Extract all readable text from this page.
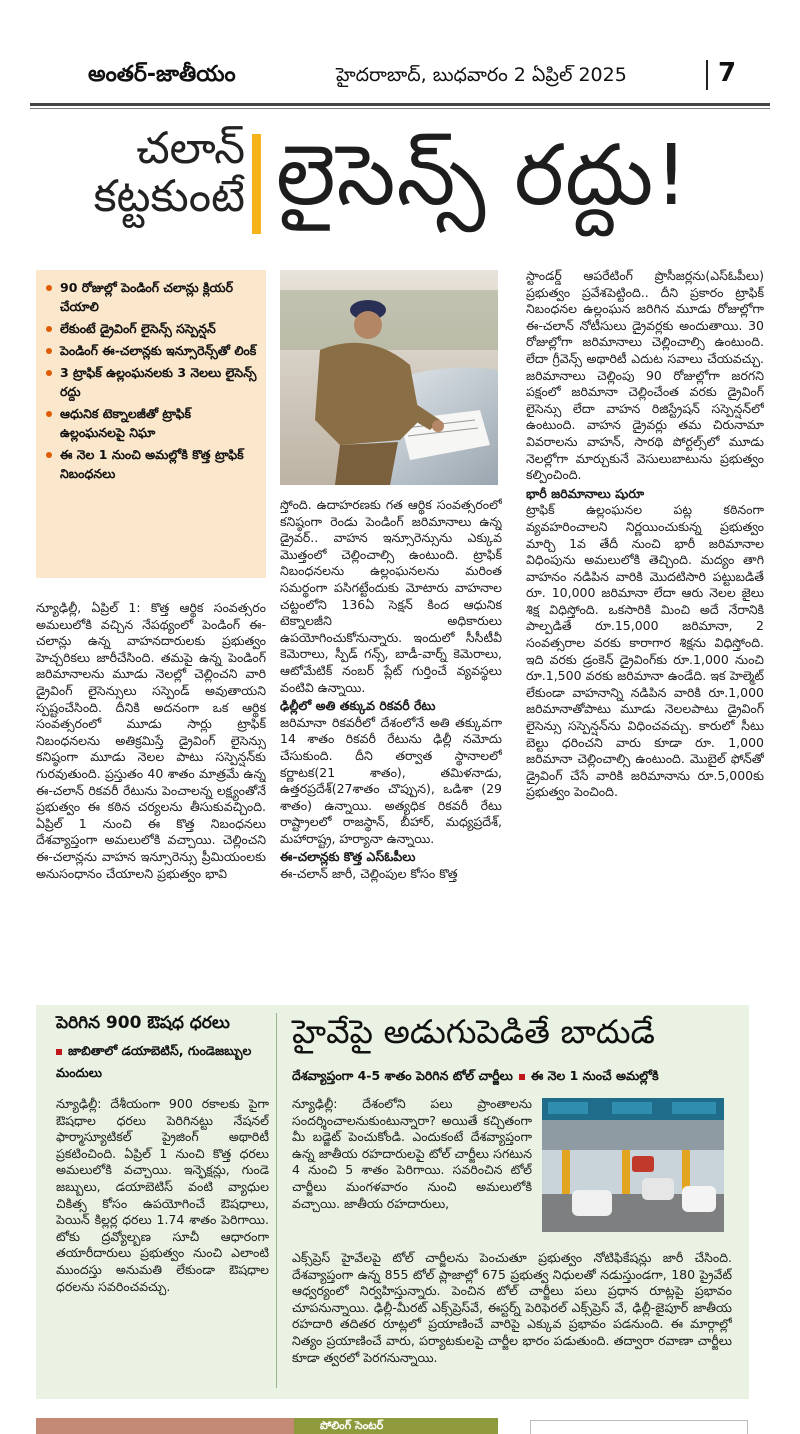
అంతర్‌-జాతీయం	హైదరాబాద్‌, బుధవారం 2 ఏప్రిల్‌ 2025	7
చలాన్‌ కట్టకుంటే లైసెన్స్‌ రద్దు!
90 రోజుల్లో పెండింగ్‌ చలాన్లు క్లియర్‌ చేయాలి
లేకుంటే డ్రైవింగ్‌ లైసెన్స్‌ సస్పెన్షన్‌
పెండింగ్‌ ఈ-చలాన్లకు ఇన్సూరెన్స్‌తో లింక్‌
3 ట్రాఫిక్‌ ఉల్లంఘనలకు 3 నెలలు లైసెన్స్‌ రద్దు
ఆధునిక టెక్నాలజీతో ట్రాఫిక్‌ ఉల్లంఘనలపై నిఘా
ఈ నెల 1 నుంచి అమల్లోకి కొత్త ట్రాఫిక్‌ నిబంధనలు
న్యూఢిల్లీ, ఏప్రిల్‌ 1: కొత్త ఆర్థిక సంవత్సరం అమలులోకి వచ్చిన నేపథ్యంలో పెండింగ్‌ ఈ-చలాన్లు ఉన్న వాహనదారులకు ప్రభుత్వం హెచ్చరికలు జారీచేసింది. తమపై ఉన్న పెండింగ్‌ జరిమానాలను మూడు నెలల్లో చెల్లించని వారి డ్రైవింగ్‌ లైసెన్సులు సస్పెండ్‌ అవుతాయని స్పష్టంచేసింది. దీనికి అదనంగా ఒక ఆర్థిక సంవత్సరంలో మూడు సార్లు ట్రాఫిక్‌ నిబంధనలను అతిక్రమిస్తే డ్రైవింగ్‌ లైసెన్సు కనిష్ఠంగా మూడు నెలల పాటు సస్పెన్షన్‌కు గురవుతుంది. ప్రస్తుతం 40 శాతం మాత్రమే ఉన్న ఈ-చలాన్‌ రికవరీ రేటును పెంచాలన్న లక్ష్యంతోనే ప్రభుత్వం ఈ కఠిన చర్యలను తీసుకువచ్చింది. ఏప్రిల్‌ 1 నుంచి ఈ కొత్త నిబంధనలు దేశవ్యాప్తంగా అమలులోకి వచ్చాయి. చెల్లించని ఈ-చలాన్లను వాహన ఇన్సూరెన్సు ప్రీమియంలకు అనుసంధానం చేయాలని ప్రభుత్వం భావి
స్తోంది. ఉదాహరణకు గత ఆర్థిక సంవత్సరంలో కనిష్ఠంగా రెండు పెండింగ్‌ జరిమానాలు ఉన్న డ్రైవర్‌.. వాహన ఇన్సూరెన్సును ఎక్కువ మొత్తంలో చెల్లించాల్సి ఉంటుంది. ట్రాఫిక్‌ నిబంధనలను ఉల్లంఘనలను మరింత సమర్థంగా పసిగట్టేందుకు మోటారు వాహనాల చట్టంలోని 136ఏ సెక్షన్‌ కింద ఆధునిక టెక్నాలజీని అధికారులు ఉపయోగించుకోనున్నారు. ఇందులో సీసీటీవీ కెమెరాలు, స్పీడ్‌ గన్స్‌, బాడీ-వార్న్‌ కెమెరాలు, ఆటోమేటిక్‌ నంబర్‌ ప్లేట్‌ గుర్తించే వ్యవస్థలు వంటివి ఉన్నాయి.
ఢిల్లీలో అతి తక్కువ రికవరీ రేటు
జరిమానా రికవరీలో దేశంలోనే అతి తక్కువగా 14 శాతం రికవరీ రేటును ఢిల్లీ నమోదు చేసుకుంది. దీని తర్వాత స్థానాలలో కర్ణాటక(21 శాతం), తమిళనాడు, ఉత్తరప్రదేశ్‌(27శాతం చొప్పున), ఒడిశా (29 శాతం) ఉన్నాయి. అత్యధిక రికవరీ రేటు రాష్ట్రాలలో రాజస్థాన్‌, బీహార్‌, మధ్యప్రదేశ్‌, మహారాష్ట్ర, హర్యానా ఉన్నాయి.
ఈ-చలాన్లకు కొత్త ఎస్‌ఓపీలు
ఈ-చలాన్‌ జారీ, చెల్లింపుల కోసం కొత్త
స్టాండర్డ్‌ ఆపరేటింగ్‌ ప్రొసీజర్లను(ఎస్‌ఓపీలు) ప్రభుత్వం ప్రవేశపెట్టింది.. దీని ప్రకారం ట్రాఫిక్‌ నిబంధనల ఉల్లంఘన జరిగిన మూడు రోజుల్లోగా ఈ-చలాన్‌ నోటీసులు డ్రైవర్లకు అందుతాయి. 30 రోజుల్లోగా జరిమానాలు చెల్లించాల్సి ఉంటుంది. లేదా గ్రీవెన్స్‌ అథారిటీ ఎదుట సవాలు చేయవచ్చు. జరిమానాలు చెల్లింపు 90 రోజుల్లోగా జరగని పక్షంలో జరిమానా చెల్లించేంత వరకు డ్రైవింగ్‌ లైసెన్సు లేదా వాహన రిజిస్ట్రేషన్‌ సస్పెన్షన్‌లో ఉంటుంది. వాహన డ్రైవర్లు తమ చిరునామా వివరాలను వాహన్‌, సారథి పోర్టల్స్‌లో మూడు నెలల్లోగా మార్చుకునే వెసులుబాటును ప్రభుత్వం కల్పించింది.
భారీ జరిమానాలు షురూ
ట్రాఫిక్‌ ఉల్లంఘనల పట్ల కఠినంగా వ్యవహరించాలని నిర్ణయించుకున్న ప్రభుత్వం మార్చి 1వ తేదీ నుంచి భారీ జరిమానాల విధింపును అమలులోకి తెచ్చింది. మద్యం తాగి వాహనం నడిపిన వారికి మొదటిసారి పట్టుబడితే రూ. 10,000 జరిమానా లేదా ఆరు నెలల జైలు శిక్ష విధిస్తోంది. ఒకసారికి మించి అదే నేరానికి పాల్పడితే రూ.15,000 జరిమానా, 2 సంవత్సరాల వరకు కారాగార శిక్షను విధిస్తోంది. ఇది వరకు డ్రంకెన్‌ డ్రైవింగ్‌కు రూ.1,000 నుంచి రూ.1,500 వరకు జరిమానా ఉండేది. ఇక హెల్మెట్‌ లేకుండా వాహనాన్ని నడిపిన వారికి రూ.1,000 జరిమానాతోపాటు మూడు నెలలపాటు డ్రైవింగ్‌ లైసెన్సు సస్పెన్షన్‌ను విధించవచ్చు. కారులో సీటు బెల్టు ధరించని వారు కూడా రూ. 1,000 జరిమానా చెల్లించాల్సి ఉంటుంది. మొబైల్‌ ఫోన్‌తో డ్రైవింగ్‌ చేసే వారికి జరిమానాను రూ.5,000కు ప్రభుత్వం పెంచింది.
పెరిగిన 900 ఔషధ ధరలు
జాబితాలో డయాబెటిస్‌, గుండెజబ్బుల మందులు
న్యూఢిల్లీ: దేశీయంగా 900 రకాలకు పైగా ఔషధాల ధరలు పెరిగినట్టు నేషనల్‌ ఫార్మాస్యూటికల్‌ ప్రైజింగ్‌ అథారిటీ ప్రకటించింది. ఏప్రిల్‌ 1 నుంచి కొత్త ధరలు అమలులోకి వచ్చాయి. ఇన్ఫెక్షన్లు, గుండె జబ్బులు, డయాబెటిస్‌ వంటి వ్యాధుల చికిత్స కోసం ఉపయోగించే ఔషధాలు, పెయిన్‌ కిల్లర్ల ధరలు 1.74 శాతం పెరిగాయి. టోకు ద్రవ్యోల్బణ సూచీ ఆధారంగా తయారీదారులు ప్రభుత్వం నుంచి ఎలాంటి ముందస్తు అనుమతి లేకుండా ఔషధాల ధరలను సవరించవచ్చు.
హైవేపై అడుగుపెడితే బాదుడే
దేశవ్యాప్తంగా 4-5 శాతం పెరిగిన టోల్‌ చార్జీలు ఈ నెల 1 నుంచే అమల్లోకి
న్యూఢిల్లీ: దేశంలోని పలు ప్రాంతాలను సందర్శించాలనుకుంటున్నారా? అయితే కచ్చితంగా మీ బడ్జెట్‌ పెంచుకోండి. ఎందుకంటే దేశవ్యాప్తంగా ఉన్న జాతీయ రహదారులపై టోల్‌ చార్జీలు సగటున 4 నుంచి 5 శాతం పెరిగాయి. సవరించిన టోల్‌ చార్జీలు మంగళవారం నుంచి అమలులోకి వచ్చాయి. జాతీయ రహదారులు,
ఎక్స్‌ప్రెస్‌ హైవేలపై టోల్‌ చార్జీలను పెంచుతూ ప్రభుత్వం నోటిఫికేషన్లు జారీ చేసింది. దేశవ్యాప్తంగా ఉన్న 855 టోల్‌ ప్లాజాల్లో 675 ప్రభుత్వ నిధులతో నడుస్తుండగా, 180 ప్రైవేట్‌ ఆధ్వర్యంలో నిర్వహిస్తున్నారు. పెంచిన టోల్‌ చార్జీలు పలు ప్రధాన రూట్లపై ప్రభావం చూపనున్నాయి. ఢిల్లీ-మీరట్‌ ఎక్స్‌ప్రెస్‌వే, ఈస్టర్న్‌ పెరిఫెరల్‌ ఎక్స్‌ప్రెస్‌ వే, ఢిల్లీ-జైపూర్‌ జాతీయ రహదారి తదితర రూట్లలో ప్రయాణించే వారిపై ఎక్కువ ప్రభావం పడనుంది. ఈ మార్గాల్లో నిత్యం ప్రయాణించే వారు, పర్యాటకులపై చార్జీల భారం పడుతుంది. తద్వారా రవాణా చార్జీలు కూడా త్వరలో పెరగనున్నాయి.
పోలింగ్‌ సెంటర్‌
